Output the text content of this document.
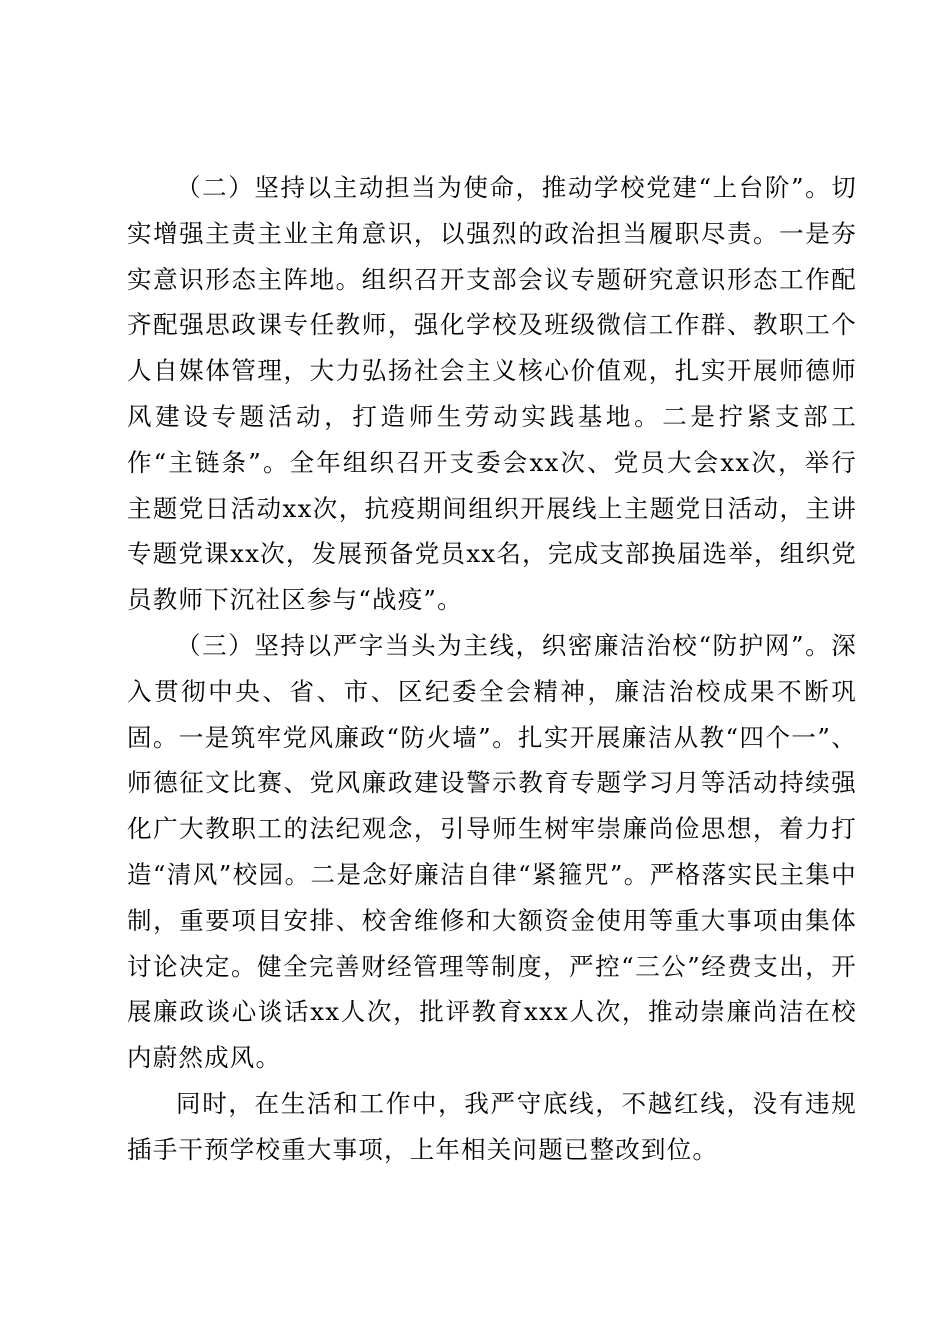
（二）坚持以主动担当为使命，推动学校党建“上台阶”。切实增强主责主业主角意识，以强烈的政治担当履职尽责。一是夯实意识形态主阵地。组织召开支部会议专题研究意识形态工作配齐配强思政课专任教师，强化学校及班级微信工作群、教职工个人自媒体管理，大力弘扬社会主义核心价值观，扎实开展师德师风建设专题活动，打造师生劳动实践基地。二是拧紧支部工作“主链条”。全年组织召开支委会xx次、党员大会xx次，举行主题党日活动xx次，抗疫期间组织开展线上主题党日活动，主讲专题党课xx次，发展预备党员xx名，完成支部换届选举，组织党员教师下沉社区参与“战疫”。

（三）坚持以严字当头为主线，织密廉洁治校“防护网”。深入贯彻中央、省、市、区纪委全会精神，廉洁治校成果不断巩固。一是筑牢党风廉政“防火墙”。扎实开展廉洁从教“四个一”、师德征文比赛、党风廉政建设警示教育专题学习月等活动持续强化广大教职工的法纪观念，引导师生树牢崇廉尚俭思想，着力打造“清风”校园。二是念好廉洁自律“紧箍咒”。严格落实民主集中制，重要项目安排、校舍维修和大额资金使用等重大事项由集体讨论决定。健全完善财经管理等制度，严控“三公”经费支出，开展廉政谈心谈话xx人次，批评教育xxx人次，推动崇廉尚洁在校内蔚然成风。

同时，在生活和工作中，我严守底线，不越红线，没有违规插手干预学校重大事项，上年相关问题已整改到位。
